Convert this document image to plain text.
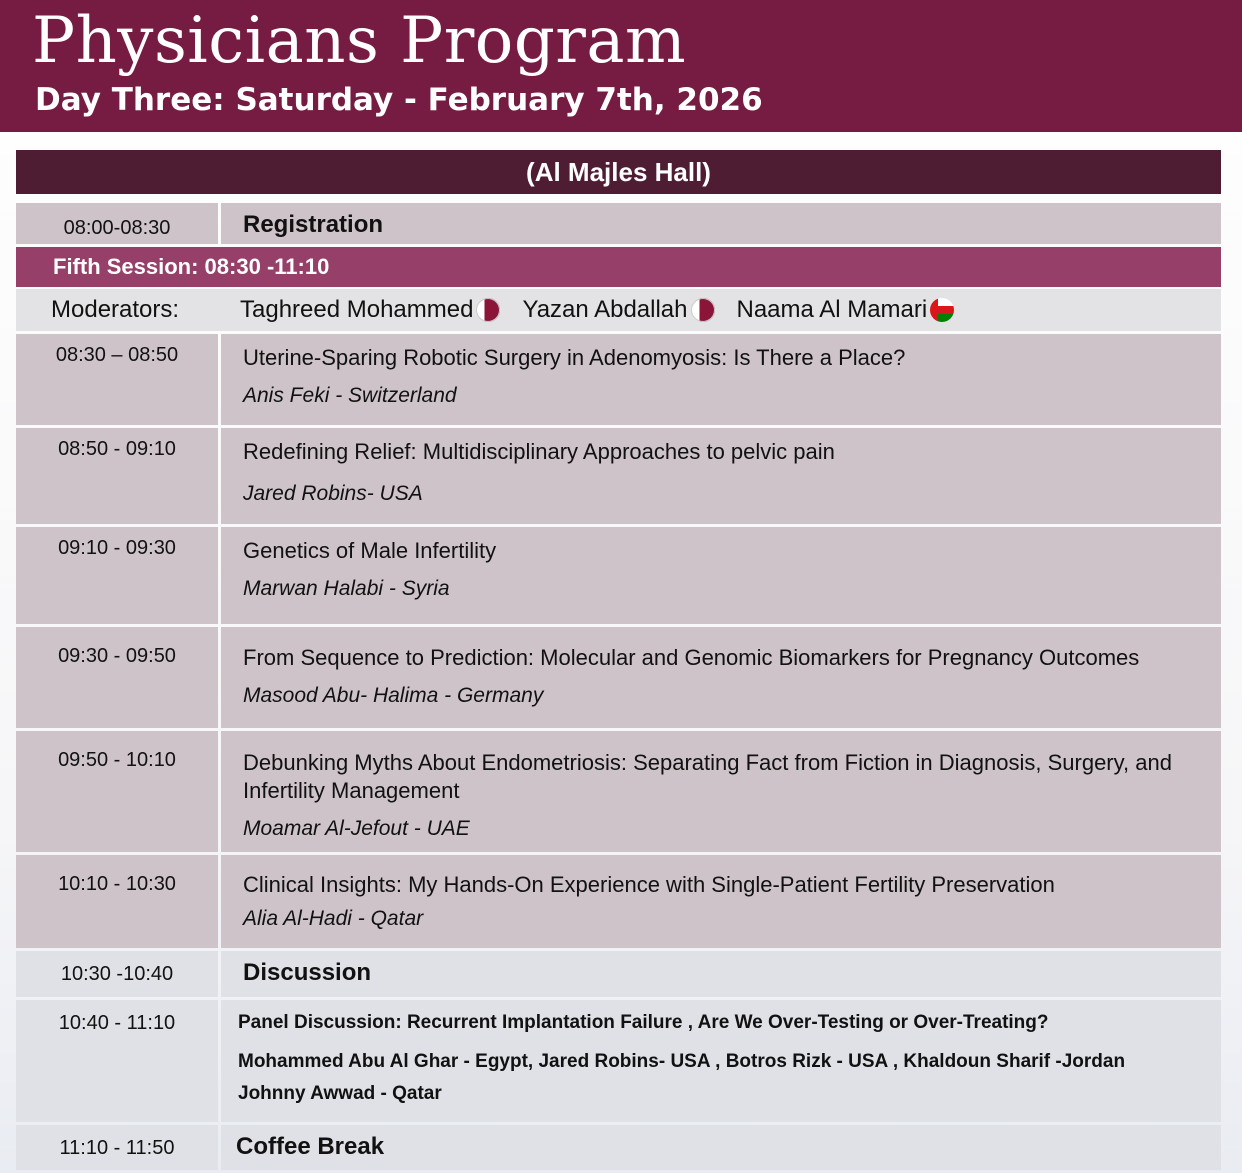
Physicians Program
Day Three: Saturday - February 7th, 2026
(Al Majles Hall)
08:00-08:30	Registration
Fifth Session: 08:30 -11:10
Moderators:	Taghreed Mohammed Yazan Abdallah Naama Al Mamari
08:30 – 08:50	Uterine-Sparing Robotic Surgery in Adenomyosis: Is There a Place?
Anis Feki - Switzerland
08:50 - 09:10	Redefining Relief: Multidisciplinary Approaches to pelvic pain
Jared Robins- USA
09:10 - 09:30	Genetics of Male Infertility
Marwan Halabi - Syria
09:30 - 09:50	From Sequence to Prediction: Molecular and Genomic Biomarkers for Pregnancy Outcomes
Masood Abu- Halima - Germany
09:50 - 10:10	Debunking Myths About Endometriosis: Separating Fact from Fiction in Diagnosis, Surgery, and Infertility Management
Moamar Al-Jefout - UAE
10:10 - 10:30	Clinical Insights: My Hands-On Experience with Single-Patient Fertility Preservation
Alia Al-Hadi - Qatar
10:30 -10:40	Discussion
10:40 - 11:10	Panel Discussion: Recurrent Implantation Failure , Are We Over-Testing or Over-Treating?
Mohammed Abu Al Ghar - Egypt, Jared Robins- USA , Botros Rizk - USA , Khaldoun Sharif -Jordan
Johnny Awwad - Qatar
11:10 - 11:50	Coffee Break
